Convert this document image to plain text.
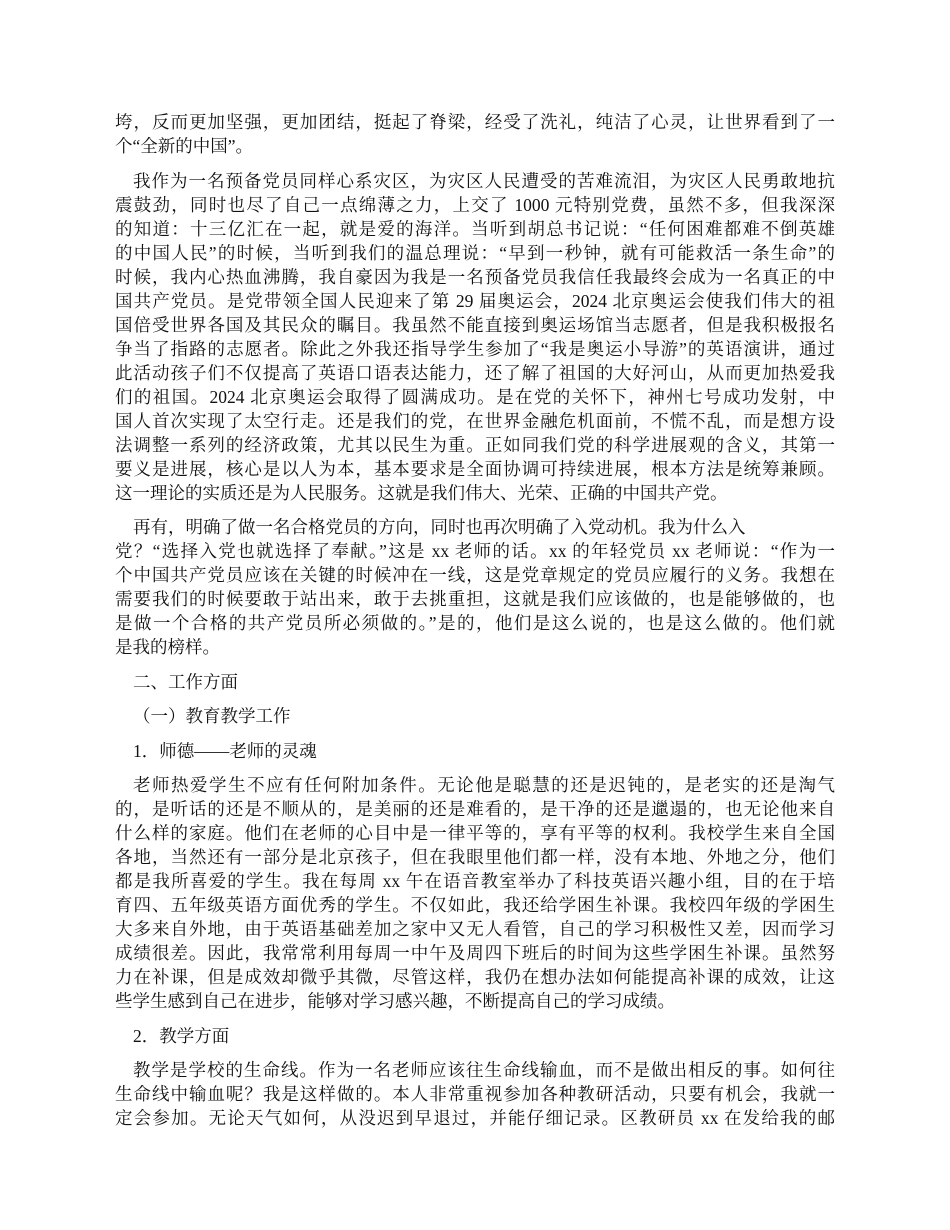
垮，反而更加坚强，更加团结，挺起了脊梁，经受了洗礼，纯洁了心灵，让世界看到了一
个“全新的中国”。
我作为一名预备党员同样心系灾区，为灾区人民遭受的苦难流泪，为灾区人民勇敢地抗
震鼓劲，同时也尽了自己一点绵薄之力，上交了 1000 元特别党费，虽然不多，但我深深
的知道：十三亿汇在一起，就是爱的海洋。当听到胡总书记说：“任何困难都难不倒英雄
的中国人民”的时候，当听到我们的温总理说：“早到一秒钟，就有可能救活一条生命”的
时候，我内心热血沸腾，我自豪因为我是一名预备党员我信任我最终会成为一名真正的中
国共产党员。是党带领全国人民迎来了第 29 届奥运会，2024 北京奥运会使我们伟大的祖
国倍受世界各国及其民众的瞩目。我虽然不能直接到奥运场馆当志愿者，但是我积极报名
争当了指路的志愿者。除此之外我还指导学生参加了“我是奥运小导游”的英语演讲，通过
此活动孩子们不仅提高了英语口语表达能力，还了解了祖国的大好河山，从而更加热爱我
们的祖国。2024 北京奥运会取得了圆满成功。是在党的关怀下，神州七号成功发射，中
国人首次实现了太空行走。还是我们的党，在世界金融危机面前，不慌不乱，而是想方设
法调整一系列的经济政策，尤其以民生为重。正如同我们党的科学进展观的含义，其第一
要义是进展，核心是以人为本，基本要求是全面协调可持续进展，根本方法是统筹兼顾。
这一理论的实质还是为人民服务。这就是我们伟大、光荣、正确的中国共产党。
再有，明确了做一名合格党员的方向，同时也再次明确了入党动机。我为什么入
党？“选择入党也就选择了奉献。”这是 xx 老师的话。xx 的年轻党员 xx 老师说：“作为一
个中国共产党员应该在关键的时候冲在一线，这是党章规定的党员应履行的义务。我想在
需要我们的时候要敢于站出来，敢于去挑重担，这就是我们应该做的，也是能够做的，也
是做一个合格的共产党员所必须做的。”是的，他们是这么说的，也是这么做的。他们就
是我的榜样。
二、工作方面
（一）教育教学工作
1．师德——老师的灵魂
老师热爱学生不应有任何附加条件。无论他是聪慧的还是迟钝的，是老实的还是淘气
的，是听话的还是不顺从的，是美丽的还是难看的，是干净的还是邋遢的，也无论他来自
什么样的家庭。他们在老师的心目中是一律平等的，享有平等的权利。我校学生来自全国
各地，当然还有一部分是北京孩子，但在我眼里他们都一样，没有本地、外地之分，他们
都是我所喜爱的学生。我在每周 xx 午在语音教室举办了科技英语兴趣小组，目的在于培
育四、五年级英语方面优秀的学生。不仅如此，我还给学困生补课。我校四年级的学困生
大多来自外地，由于英语基础差加之家中又无人看管，自己的学习积极性又差，因而学习
成绩很差。因此，我常常利用每周一中午及周四下班后的时间为这些学困生补课。虽然努
力在补课，但是成效却微乎其微，尽管这样，我仍在想办法如何能提高补课的成效，让这
些学生感到自己在进步，能够对学习感兴趣，不断提高自己的学习成绩。
2．教学方面
教学是学校的生命线。作为一名老师应该往生命线输血，而不是做出相反的事。如何往
生命线中输血呢？我是这样做的。本人非常重视参加各种教研活动，只要有机会，我就一
定会参加。无论天气如何，从没迟到早退过，并能仔细记录。区教研员 xx 在发给我的邮
